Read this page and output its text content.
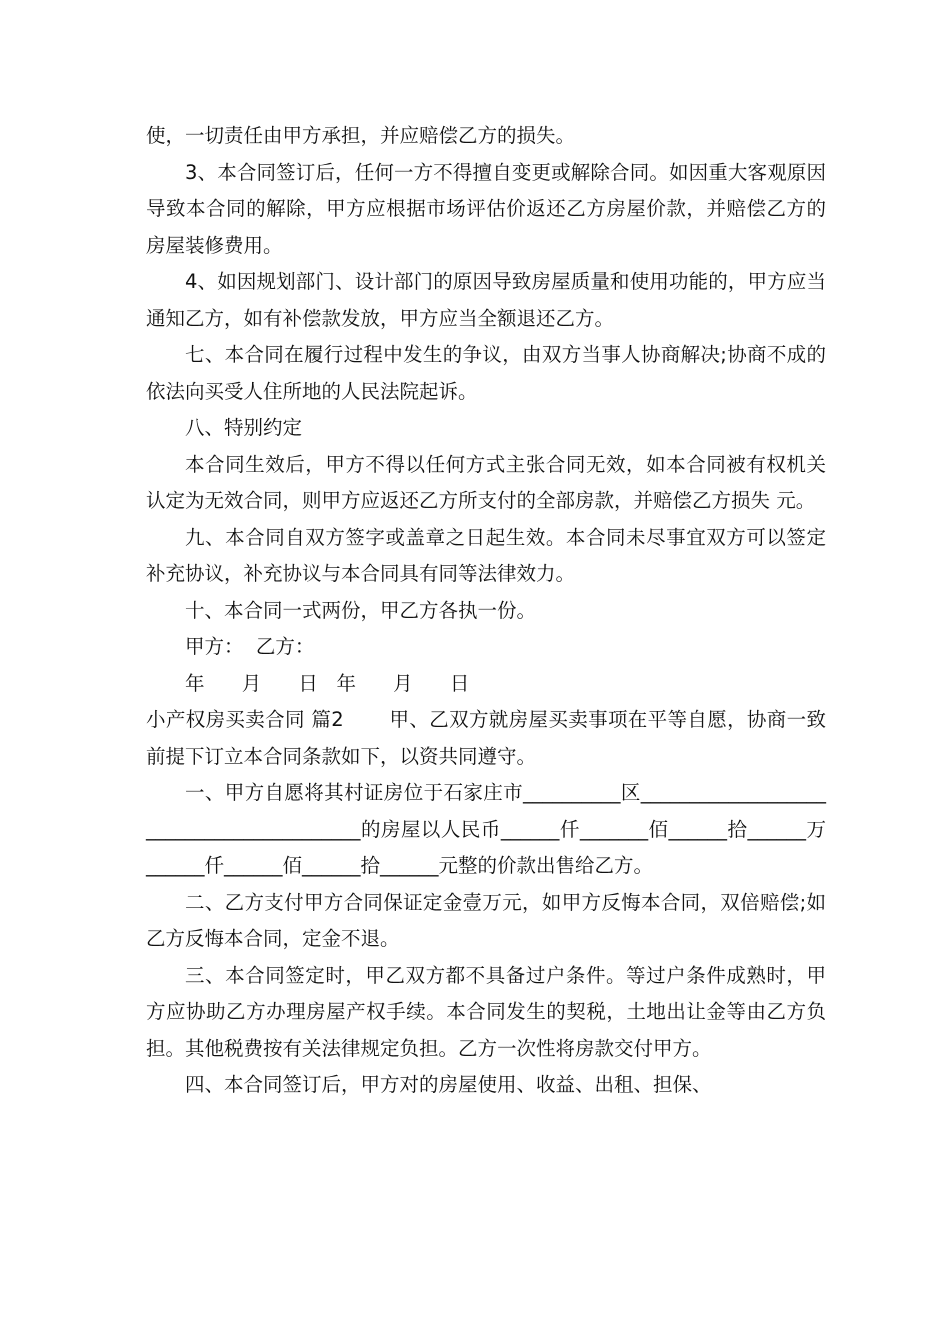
使，一切责任由甲方承担，并应赔偿乙方的损失。

3、本合同签订后，任何一方不得擅自变更或解除合同。如因重大客观原因导致本合同的解除，甲方应根据市场评估价返还乙方房屋价款，并赔偿乙方的房屋装修费用。

4、如因规划部门、设计部门的原因导致房屋质量和使用功能的，甲方应当通知乙方，如有补偿款发放，甲方应当全额退还乙方。

七、本合同在履行过程中发生的争议，由双方当事人协商解决;协商不成的依法向买受人住所地的人民法院起诉。

八、特别约定

本合同生效后，甲方不得以任何方式主张合同无效，如本合同被有权机关认定为无效合同，则甲方应返还乙方所支付的全部房款，并赔偿乙方损失 元。

九、本合同自双方签字或盖章之日起生效。本合同未尽事宜双方可以签定补充协议，补充协议与本合同具有同等法律效力。

十、本合同一式两份，甲乙方各执一份。

甲方：  乙方：

年      月      日   年      月      日

小产权房买卖合同 篇2       甲、乙双方就房屋买卖事项在平等自愿，协商一致前提下订立本合同条款如下，以资共同遵守。

一、甲方自愿将其村证房位于石家庄市__________区_________________________________________的房屋以人民币______仟_______佰______拾______万______仟______佰______拾______元整的价款出售给乙方。

二、乙方支付甲方合同保证定金壹万元，如甲方反悔本合同，双倍赔偿;如乙方反悔本合同，定金不退。

三、本合同签定时，甲乙双方都不具备过户条件。等过户条件成熟时，甲方应协助乙方办理房屋产权手续。本合同发生的契税，土地出让金等由乙方负担。其他税费按有关法律规定负担。乙方一次性将房款交付甲方。

四、本合同签订后，甲方对的房屋使用、收益、出租、担保、
